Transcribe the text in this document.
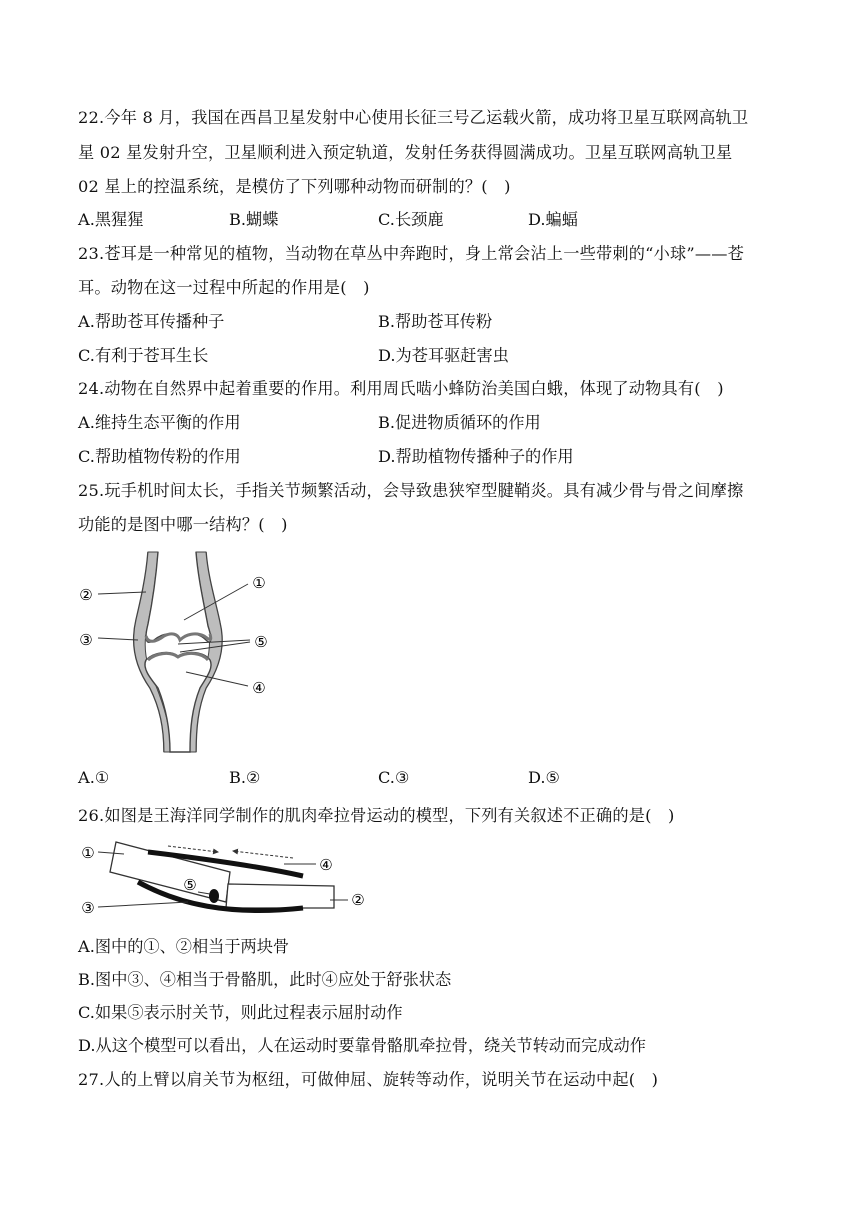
22.今年 8 月，我国在西昌卫星发射中心使用长征三号乙运载火箭，成功将卫星互联网高轨卫
星 02 星发射升空，卫星顺利进入预定轨道，发射任务获得圆满成功。卫星互联网高轨卫星
02 星上的控温系统，是模仿了下列哪种动物而研制的？(　)
A.黑猩猩	B.蝴蝶	C.长颈鹿	D.蝙蝠
23.苍耳是一种常见的植物，当动物在草丛中奔跑时，身上常会沾上一些带刺的“小球”——苍
耳。动物在这一过程中所起的作用是(　)
A.帮助苍耳传播种子	B.帮助苍耳传粉
C.有利于苍耳生长	D.为苍耳驱赶害虫
24.动物在自然界中起着重要的作用。利用周氏啮小蜂防治美国白蛾，体现了动物具有(　)
A.维持生态平衡的作用	B.促进物质循环的作用
C.帮助植物传粉的作用	D.帮助植物传播种子的作用
25.玩手机时间太长，手指关节频繁活动，会导致患狭窄型腱鞘炎。具有减少骨与骨之间摩擦
功能的是图中哪一结构？(　)
②
③
①
⑤
④
A.①	B.②	C.③	D.⑤
26.如图是王海洋同学制作的肌肉牵拉骨运动的模型，下列有关叙述不正确的是(　)
①
④
⑤
②
③
A.图中的①、②相当于两块骨
B.图中③、④相当于骨骼肌，此时④应处于舒张状态
C.如果⑤表示肘关节，则此过程表示屈肘动作
D.从这个模型可以看出，人在运动时要靠骨骼肌牵拉骨，绕关节转动而完成动作
27.人的上臂以肩关节为枢纽，可做伸屈、旋转等动作，说明关节在运动中起(　)
